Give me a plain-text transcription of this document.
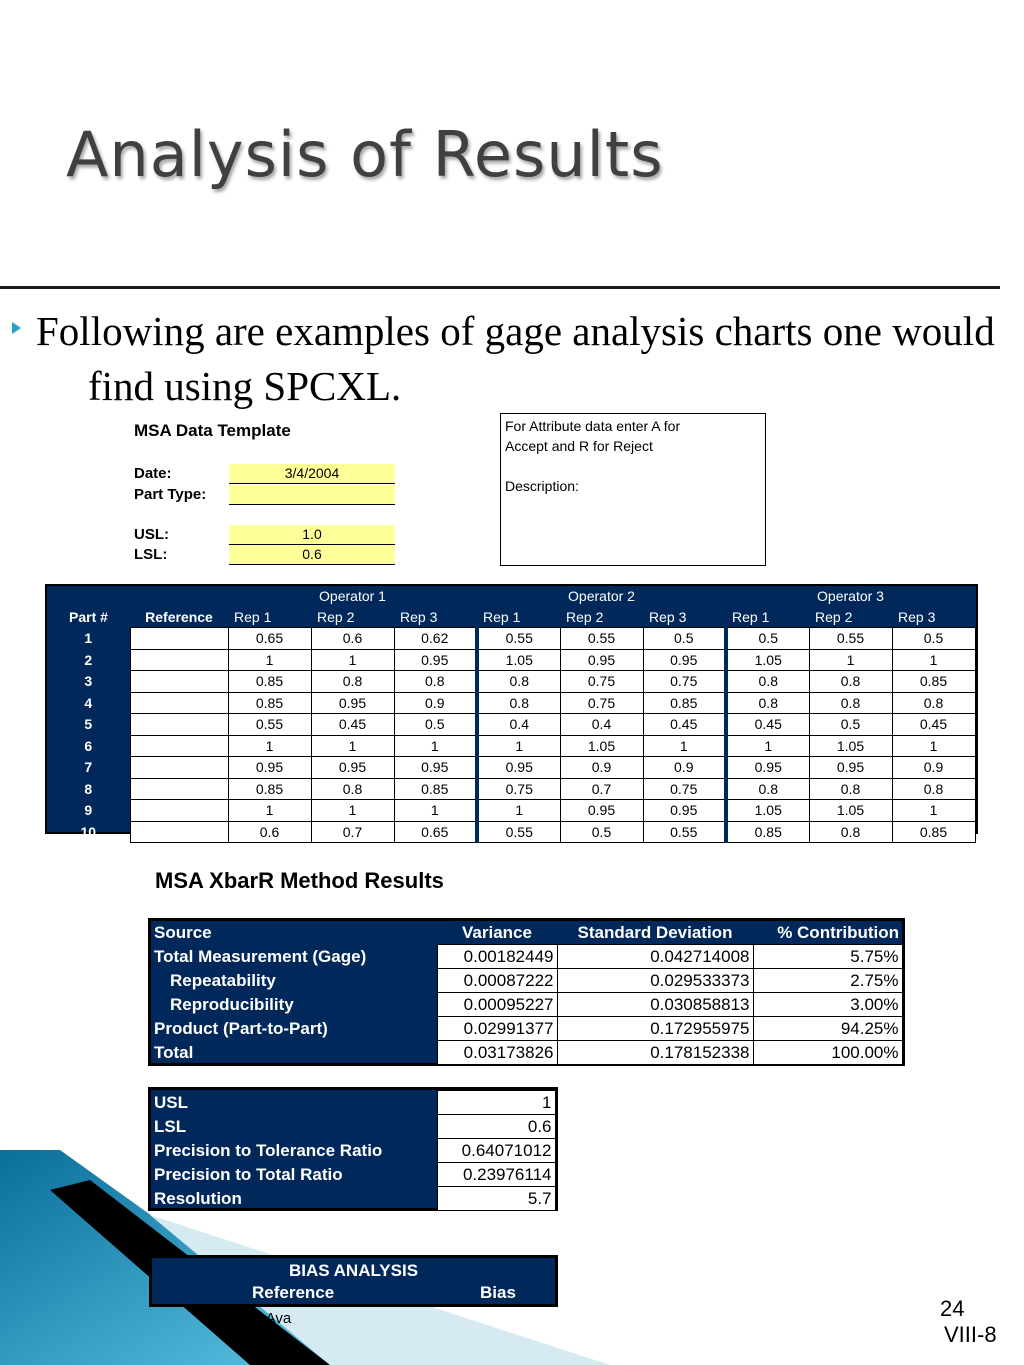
Analysis of Results
Following are examples of gage analysis charts one would find using SPCXL.
MSA Data Template
Date:	3/4/2004
Part Type:
USL:	1.0
LSL:	0.6
For Attribute data enter A for
Accept and R for Reject
Description:
		Operator 1			Operator 2			Operator 3		
Part #	Reference	Rep 1	Rep 2	Rep 3	Rep 1	Rep 2	Rep 3	Rep 1	Rep 2	Rep 3
1		0.65	0.6	0.62	0.55	0.55	0.5	0.5	0.55	0.5
2		1	1	0.95	1.05	0.95	0.95	1.05	1	1
3		0.85	0.8	0.8	0.8	0.75	0.75	0.8	0.8	0.85
4		0.85	0.95	0.9	0.8	0.75	0.85	0.8	0.8	0.8
5		0.55	0.45	0.5	0.4	0.4	0.45	0.45	0.5	0.45
6		1	1	1	1	1.05	1	1	1.05	1
7		0.95	0.95	0.95	0.95	0.9	0.9	0.95	0.95	0.9
8		0.85	0.8	0.85	0.75	0.7	0.75	0.8	0.8	0.8
9		1	1	1	1	0.95	0.95	1.05	1.05	1
10		0.6	0.7	0.65	0.55	0.5	0.55	0.85	0.8	0.85
MSA XbarR Method Results
Source	Variance	Standard Deviation	% Contribution
Total Measurement (Gage)	0.00182449	0.042714008	5.75%
Repeatability	0.00087222	0.029533373	2.75%
Reproducibility	0.00095227	0.030858813	3.00%
Product (Part-to-Part)	0.02991377	0.172955975	94.25%
Total	0.03173826	0.178152338	100.00%
USL	1
LSL	0.6
Precision to Tolerance Ratio	0.64071012
Precision to Total Ratio	0.23976114
Resolution	5.7
BIAS ANALYSIS
Reference	Bias
Not Ava	24
VIII-8
